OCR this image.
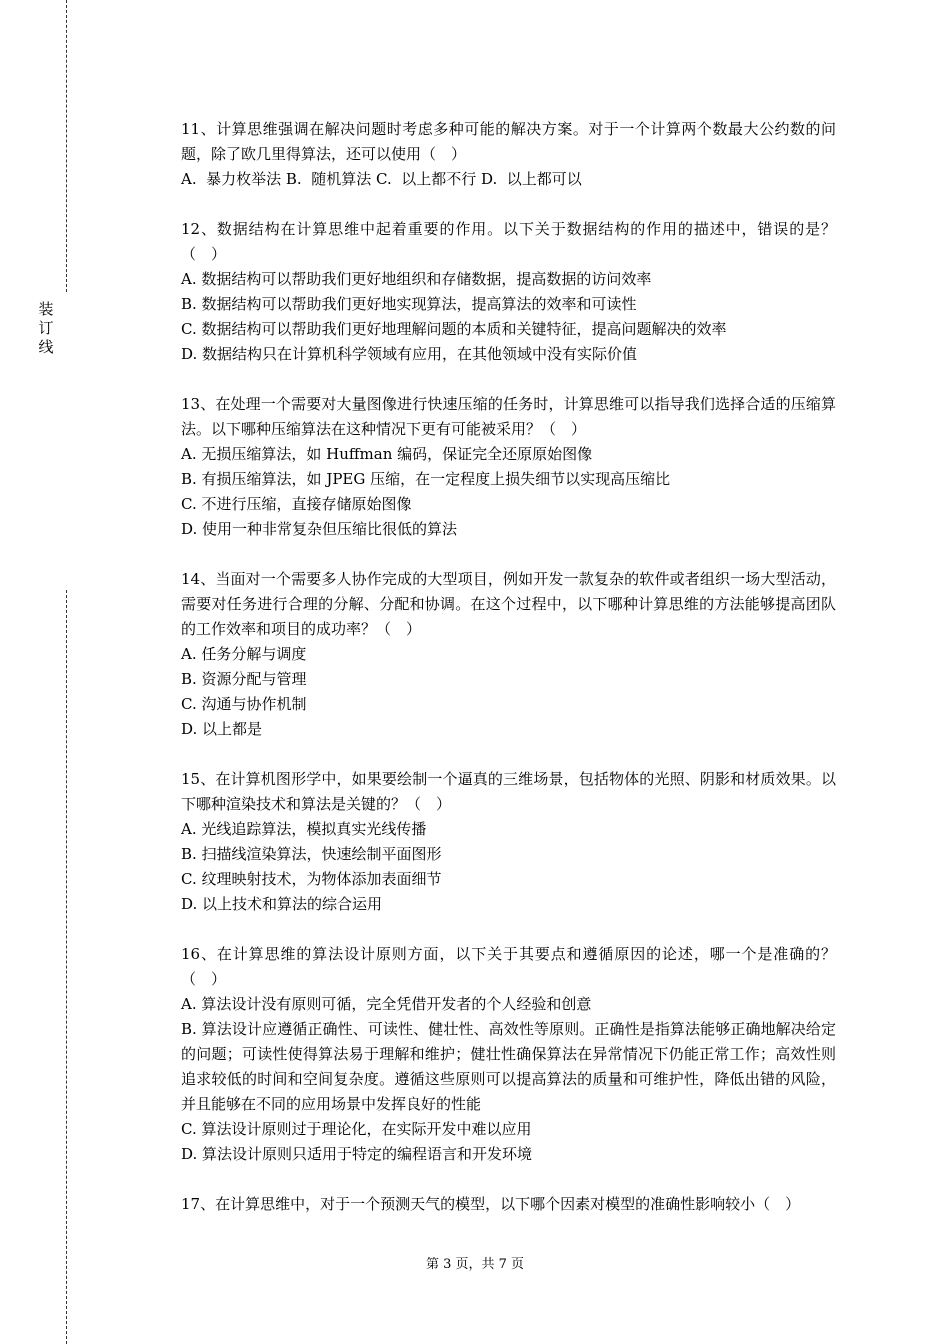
装订线
11、计算思维强调在解决问题时考虑多种可能的解决方案。对于一个计算两个数最大公约数的问题，除了欧几里得算法，还可以使用（　）
A.  暴力枚举法 B.  随机算法 C.  以上都不行 D.  以上都可以
12、数据结构在计算思维中起着重要的作用。以下关于数据结构的作用的描述中，错误的是？（　）
A. 数据结构可以帮助我们更好地组织和存储数据，提高数据的访问效率
B. 数据结构可以帮助我们更好地实现算法，提高算法的效率和可读性
C. 数据结构可以帮助我们更好地理解问题的本质和关键特征，提高问题解决的效率
D. 数据结构只在计算机科学领域有应用，在其他领域中没有实际价值
13、在处理一个需要对大量图像进行快速压缩的任务时，计算思维可以指导我们选择合适的压缩算法。以下哪种压缩算法在这种情况下更有可能被采用？（　）
A. 无损压缩算法，如 Huffman 编码，保证完全还原原始图像
B. 有损压缩算法，如 JPEG 压缩，在一定程度上损失细节以实现高压缩比
C. 不进行压缩，直接存储原始图像
D. 使用一种非常复杂但压缩比很低的算法
14、当面对一个需要多人协作完成的大型项目，例如开发一款复杂的软件或者组织一场大型活动，需要对任务进行合理的分解、分配和协调。在这个过程中，以下哪种计算思维的方法能够提高团队的工作效率和项目的成功率？（　）
A. 任务分解与调度
B. 资源分配与管理
C. 沟通与协作机制
D. 以上都是
15、在计算机图形学中，如果要绘制一个逼真的三维场景，包括物体的光照、阴影和材质效果。以下哪种渲染技术和算法是关键的？（　）
A. 光线追踪算法，模拟真实光线传播
B. 扫描线渲染算法，快速绘制平面图形
C. 纹理映射技术，为物体添加表面细节
D. 以上技术和算法的综合运用
16、在计算思维的算法设计原则方面，以下关于其要点和遵循原因的论述，哪一个是准确的？（　）
A. 算法设计没有原则可循，完全凭借开发者的个人经验和创意
B. 算法设计应遵循正确性、可读性、健壮性、高效性等原则。正确性是指算法能够正确地解决给定的问题；可读性使得算法易于理解和维护；健壮性确保算法在异常情况下仍能正常工作；高效性则追求较低的时间和空间复杂度。遵循这些原则可以提高算法的质量和可维护性，降低出错的风险，并且能够在不同的应用场景中发挥良好的性能
C. 算法设计原则过于理论化，在实际开发中难以应用
D. 算法设计原则只适用于特定的编程语言和开发环境
17、在计算思维中，对于一个预测天气的模型，以下哪个因素对模型的准确性影响较小（　）
第 3 页，共 7 页
